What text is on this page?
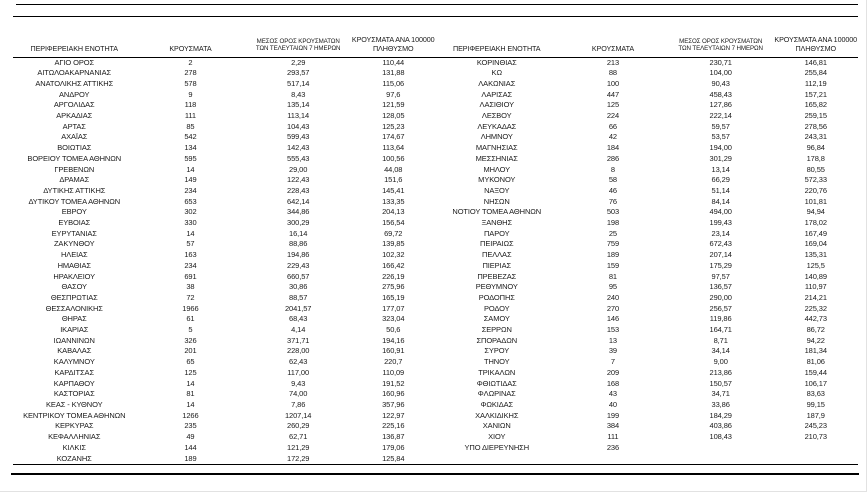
ΠΕΡΙΦΕΡΕΙΑΚΗ ΕΝΟΤΗΤΑ	ΚΡΟΥΣΜΑΤΑ	ΜΕΣΟΣ ΟΡΟΣ ΚΡΟΥΣΜΑΤΩΝ
ΤΩΝ ΤΕΛΕΥΤΑΙΩΝ 7 ΗΜΕΡΩΝ	ΚΡΟΥΣΜΑΤΑ ΑΝΑ 100000
ΠΛΗΘΥΣΜΟ
ΑΓΙΟ ΟΡΟΣ	2	2,29	110,44
ΑΙΤΩΛΟΑΚΑΡΝΑΝΙΑΣ	278	293,57	131,88
ΑΝΑΤΟΛΙΚΗΣ ΑΤΤΙΚΗΣ	578	517,14	115,06
ΑΝΔΡΟΥ	9	8,43	97,6
ΑΡΓΟΛΙΔΑΣ	118	135,14	121,59
ΑΡΚΑΔΙΑΣ	111	113,14	128,05
ΑΡΤΑΣ	85	104,43	125,23
ΑΧΑΪΑΣ	542	599,43	174,67
ΒΟΙΩΤΙΑΣ	134	142,43	113,64
ΒΟΡΕΙΟΥ ΤΟΜΕΑ ΑΘΗΝΩΝ	595	555,43	100,56
ΓΡΕΒΕΝΩΝ	14	29,00	44,08
ΔΡΑΜΑΣ	149	122,43	151,6
ΔΥΤΙΚΗΣ ΑΤΤΙΚΗΣ	234	228,43	145,41
ΔΥΤΙΚΟΥ ΤΟΜΕΑ ΑΘΗΝΩΝ	653	642,14	133,35
ΕΒΡΟΥ	302	344,86	204,13
ΕΥΒΟΙΑΣ	330	300,29	156,54
ΕΥΡΥΤΑΝΙΑΣ	14	16,14	69,72
ΖΑΚΥΝΘΟΥ	57	88,86	139,85
ΗΛΕΙΑΣ	163	194,86	102,32
ΗΜΑΘΙΑΣ	234	229,43	166,42
ΗΡΑΚΛΕΙΟΥ	691	660,57	226,19
ΘΑΣΟΥ	38	30,86	275,96
ΘΕΣΠΡΩΤΙΑΣ	72	88,57	165,19
ΘΕΣΣΑΛΟΝΙΚΗΣ	1966	2041,57	177,07
ΘΗΡΑΣ	61	68,43	323,04
ΙΚΑΡΙΑΣ	5	4,14	50,6
ΙΩΑΝΝΙΝΩΝ	326	371,71	194,16
ΚΑΒΑΛΑΣ	201	228,00	160,91
ΚΑΛΥΜΝΟΥ	65	62,43	220,7
ΚΑΡΔΙΤΣΑΣ	125	117,00	110,09
ΚΑΡΠΑΘΟΥ	14	9,43	191,52
ΚΑΣΤΟΡΙΑΣ	81	74,00	160,96
ΚΕΑΣ - ΚΥΘΝΟΥ	14	7,86	357,96
ΚΕΝΤΡΙΚΟΥ ΤΟΜΕΑ ΑΘΗΝΩΝ	1266	1207,14	122,97
ΚΕΡΚΥΡΑΣ	235	260,29	225,16
ΚΕΦΑΛΛΗΝΙΑΣ	49	62,71	136,87
ΚΙΛΚΙΣ	144	121,29	179,06
ΚΟΖΑΝΗΣ	189	172,29	125,84
ΠΕΡΙΦΕΡΕΙΑΚΗ ΕΝΟΤΗΤΑ	ΚΡΟΥΣΜΑΤΑ	ΜΕΣΟΣ ΟΡΟΣ ΚΡΟΥΣΜΑΤΩΝ
ΤΩΝ ΤΕΛΕΥΤΑΙΩΝ 7 ΗΜΕΡΩΝ	ΚΡΟΥΣΜΑΤΑ ΑΝΑ 100000
ΠΛΗΘΥΣΜΟ
ΚΟΡΙΝΘΙΑΣ	213	230,71	146,81
ΚΩ	88	104,00	255,84
ΛΑΚΩΝΙΑΣ	100	90,43	112,19
ΛΑΡΙΣΑΣ	447	458,43	157,21
ΛΑΣΙΘΙΟΥ	125	127,86	165,82
ΛΕΣΒΟΥ	224	222,14	259,15
ΛΕΥΚΑΔΑΣ	66	59,57	278,56
ΛΗΜΝΟΥ	42	53,57	243,31
ΜΑΓΝΗΣΙΑΣ	184	194,00	96,84
ΜΕΣΣΗΝΙΑΣ	286	301,29	178,8
ΜΗΛΟΥ	8	13,14	80,55
ΜΥΚΟΝΟΥ	58	66,29	572,33
ΝΑΞΟΥ	46	51,14	220,76
ΝΗΣΩΝ	76	84,14	101,81
ΝΟΤΙΟΥ ΤΟΜΕΑ ΑΘΗΝΩΝ	503	494,00	94,94
ΞΑΝΘΗΣ	198	199,43	178,02
ΠΑΡΟΥ	25	23,14	167,49
ΠΕΙΡΑΙΩΣ	759	672,43	169,04
ΠΕΛΛΑΣ	189	207,14	135,31
ΠΙΕΡΙΑΣ	159	175,29	125,5
ΠΡΕΒΕΖΑΣ	81	97,57	140,89
ΡΕΘΥΜΝΟΥ	95	136,57	110,97
ΡΟΔΟΠΗΣ	240	290,00	214,21
ΡΟΔΟΥ	270	256,57	225,32
ΣΑΜΟΥ	146	119,86	442,73
ΣΕΡΡΩΝ	153	164,71	86,72
ΣΠΟΡΑΔΩΝ	13	8,71	94,22
ΣΥΡΟΥ	39	34,14	181,34
ΤΗΝΟΥ	7	9,00	81,06
ΤΡΙΚΑΛΩΝ	209	213,86	159,44
ΦΘΙΩΤΙΔΑΣ	168	150,57	106,17
ΦΛΩΡΙΝΑΣ	43	34,71	83,63
ΦΩΚΙΔΑΣ	40	33,86	99,15
ΧΑΛΚΙΔΙΚΗΣ	199	184,29	187,9
ΧΑΝΙΩΝ	384	403,86	245,23
ΧΙΟΥ	111	108,43	210,73
ΥΠΟ ΔΙΕΡΕΥΝΗΣΗ	236		
